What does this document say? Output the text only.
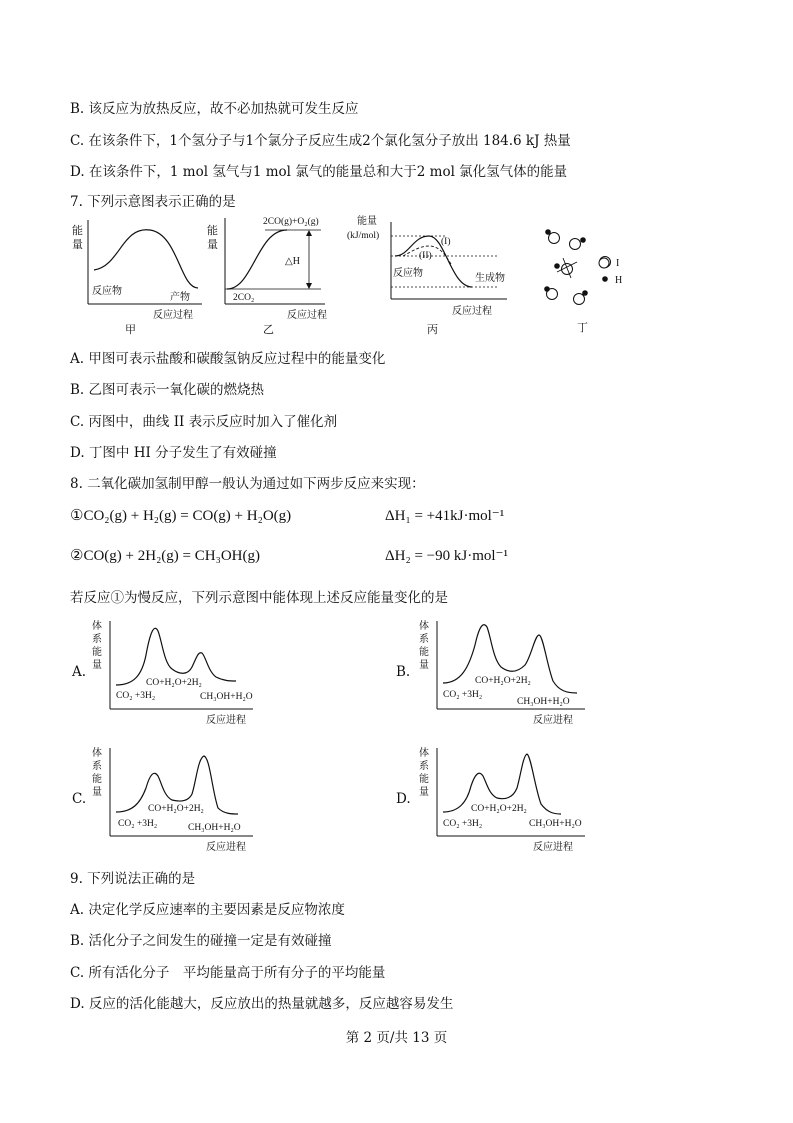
B. 该反应为放热反应，故不必加热就可发生反应
C. 在该条件下，1个氢分子与1个氯分子反应生成2个氯化氢分子放出 184.6 kJ 热量
D. 在该条件下，1 mol 氢气与1 mol 氯气的能量总和大于2 mol 氯化氢气体的能量
7. 下列示意图表示正确的是
能
量
反应物
产物
反应过程
甲
能
量
△H
2CO(g)+O₂(g)
2CO₂
反应过程
乙
能量
(kJ/mol)
(I)
(II)
反应物	生成物
反应过程
丙
I
H
丁
A. 甲图可表示盐酸和碳酸氢钠反应过程中的能量变化
B. 乙图可表示一氧化碳的燃烧热
C. 丙图中，曲线 II 表示反应时加入了催化剂
D. 丁图中 HI 分子发生了有效碰撞
8. 二氧化碳加氢制甲醇一般认为通过如下两步反应来实现：
①CO₂(g) + H₂(g) = CO(g) + H₂O(g)	ΔH₁ = +41kJ·mol⁻¹
②CO(g) + 2H₂(g) = CH₃OH(g)	ΔH₂ = −90 kJ·mol⁻¹
若反应①为慢反应，下列示意图中能体现上述反应能量变化的是
A.	B.
C.	D.
体
系
能
量
CO₂ +3H₂
CO+H₂O+2H₂
CH₃OH+H₂O
反应进程
体
系
能
量
CO₂ +3H₂
CO+H₂O+2H₂
CH₃OH+H₂O
反应进程
体
系
能
量
CO₂ +3H₂
CO+H₂O+2H₂
CH₃OH+H₂O
反应进程
体
系
能
量
CO₂ +3H₂
CO+H₂O+2H₂
CH₃OH+H₂O
反应进程
9. 下列说法正确的是
A. 决定化学反应速率的主要因素是反应物浓度
B. 活化分子之间发生的碰撞一定是有效碰撞
C. 所有活化分子　平均能量高于所有分子的平均能量
D. 反应的活化能越大，反应放出的热量就越多，反应越容易发生
第 2 页/共 13 页
